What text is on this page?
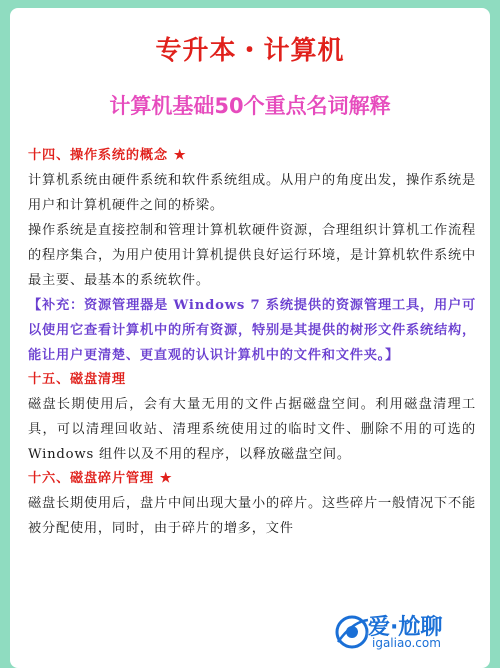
专升本・计算机
计算机基础50个重点名词解释
十四、操作系统的概念 ★

计算机系统由硬件系统和软件系统组成。从用户的角度出发，操作系统是用户和计算机硬件之间的桥梁。

操作系统是直接控制和管理计算机软硬件资源，合理组织计算机工作流程的程序集合，为用户使用计算机提供良好运行环境，是计算机软件系统中最主要、最基本的系统软件。

【补充：资源管理器是 Windows 7 系统提供的资源管理工具，用户可以使用它查看计算机中的所有资源，特别是其提供的树形文件系统结构，能让用户更清楚、更直观的认识计算机中的文件和文件夹。】

十五、磁盘清理

磁盘长期使用后，会有大量无用的文件占据磁盘空间。利用磁盘清理工具，可以清理回收站、清理系统使用过的临时文件、删除不用的可选的 Windows 组件以及不用的程序，以释放磁盘空间。

十六、磁盘碎片管理 ★

磁盘长期使用后，盘片中间出现大量小的碎片。这些碎片一般情况下不能被分配使用，同时，由于碎片的增多，文件

爱·尬聊
igaliao.com
